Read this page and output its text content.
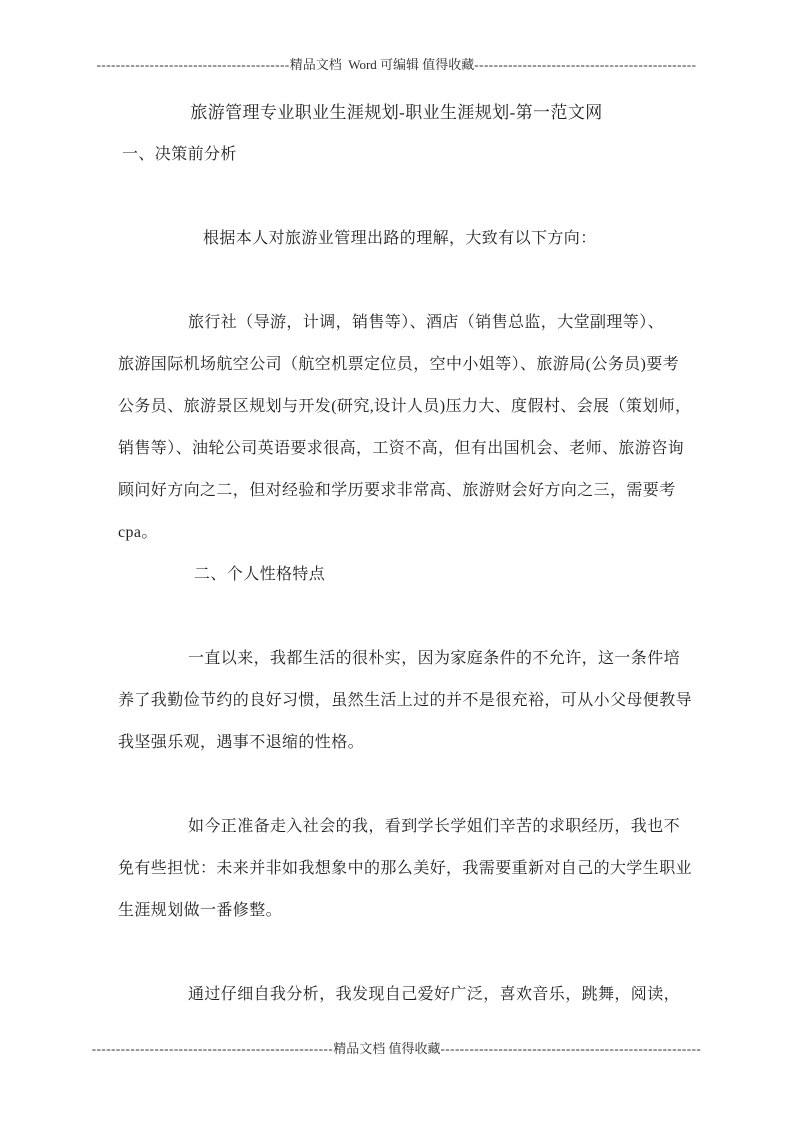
----------------------------------------精品文档  Word 可编辑 值得收藏----------------------------------------------
旅游管理专业职业生涯规划-职业生涯规划-第一范文网
一、决策前分析
根据本人对旅游业管理出路的理解，大致有以下方向：
旅行社（导游，计调，销售等）、酒店（销售总监，大堂副理等）、
旅游国际机场航空公司（航空机票定位员，空中小姐等）、旅游局(公务员)要考
公务员、旅游景区规划与开发(研究,设计人员)压力大、度假村、会展（策划师，
销售等）、油轮公司英语要求很高，工资不高，但有出国机会、老师、旅游咨询
顾问好方向之二，但对经验和学历要求非常高、旅游财会好方向之三，需要考
cpa。
二、个人性格特点
一直以来，我都生活的很朴实，因为家庭条件的不允许，这一条件培
养了我勤俭节约的良好习惯，虽然生活上过的并不是很充裕，可从小父母便教导
我坚强乐观，遇事不退缩的性格。
如今正准备走入社会的我，看到学长学姐们辛苦的求职经历，我也不
免有些担忧：未来并非如我想象中的那么美好，我需要重新对自己的大学生职业
生涯规划做一番修整。
通过仔细自我分析，我发现自己爱好广泛，喜欢音乐，跳舞，阅读，
--------------------------------------------------精品文档 值得收藏------------------------------------------------------
